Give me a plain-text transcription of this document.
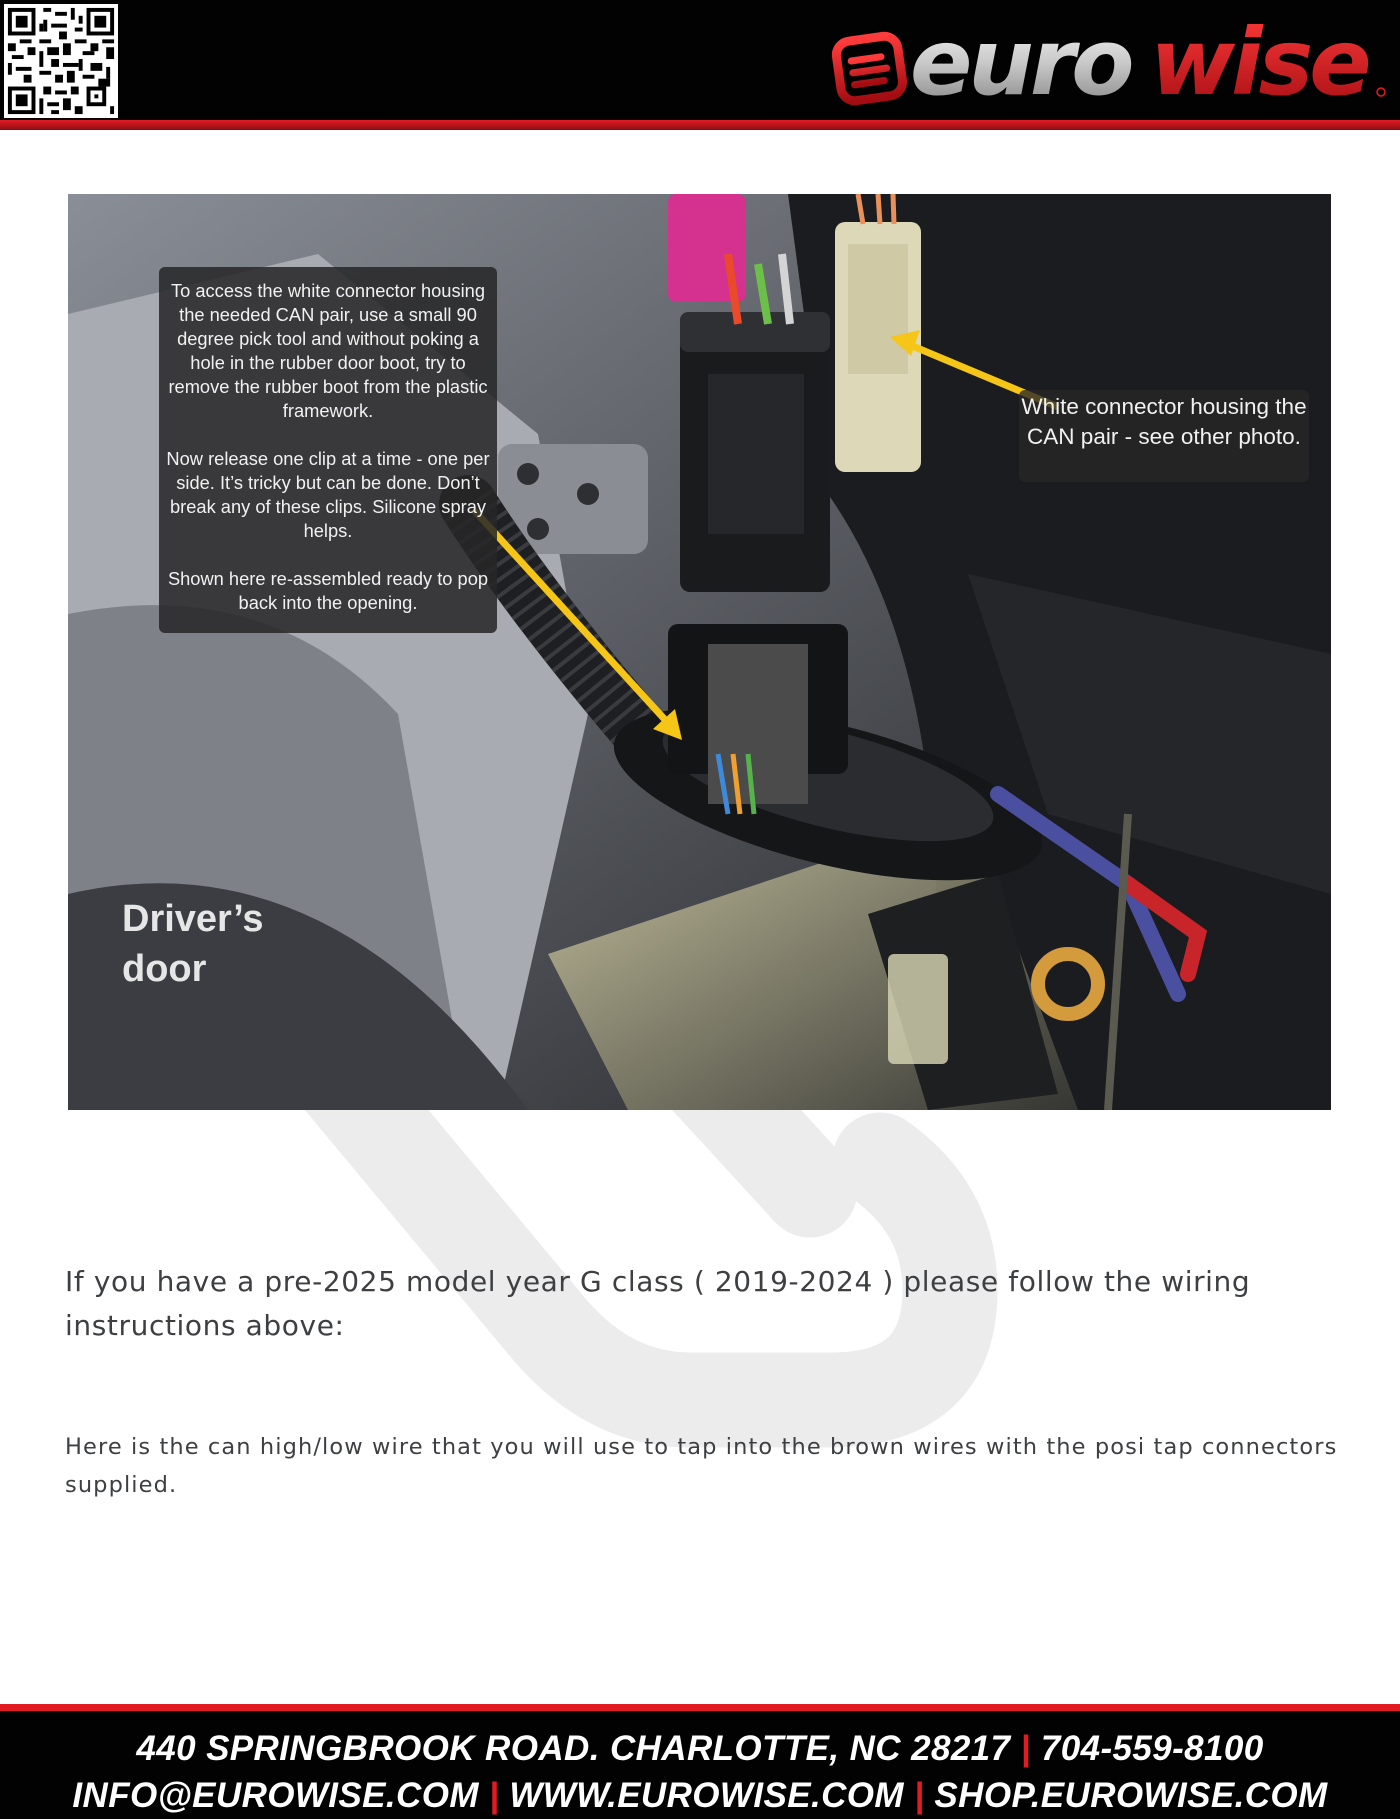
euro wise

To access the white connector housing the needed CAN pair, use a small 90 degree pick tool and without poking a hole in the rubber door boot, try to remove the rubber boot from the plastic framework.

Now release one clip at a time - one per side. It’s tricky but can be done. Don’t break any of these clips. Silicone spray helps.

Shown here re-assembled ready to pop back into the opening.

White connector housing the CAN pair - see other photo.

Driver’s
door

If you have a pre-2025 model year G class ( 2019-2024 ) please follow the wiring instructions above:

Here is the can high/low wire that you will use to tap into the brown wires with the posi tap connectors supplied.

440 SPRINGBROOK ROAD. CHARLOTTE, NC 28217 | 704-559-8100
INFO@EUROWISE.COM | WWW.EUROWISE.COM | SHOP.EUROWISE.COM
